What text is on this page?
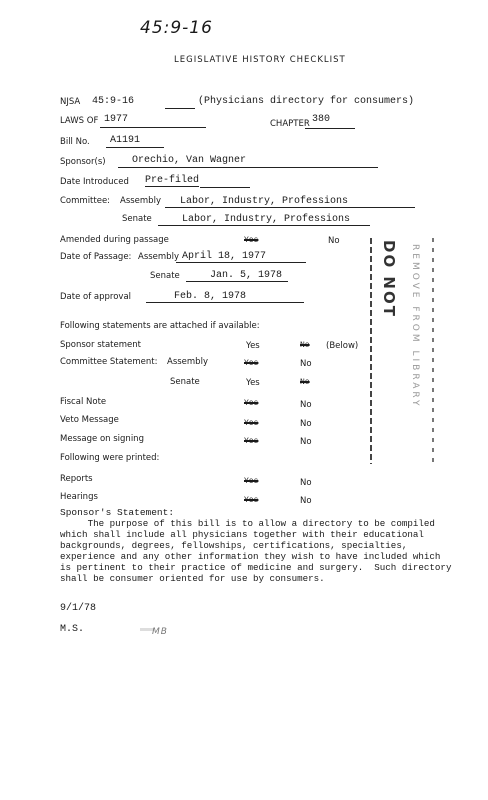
45:9-16
LEGISLATIVE HISTORY CHECKLIST
NJSA 45:9-16	(Physicians directory for consumers)
LAWS OF 1977	CHAPTER 380
Bill No. A1191
Sponsor(s)	Orechio, Van Wagner
Date Introduced Pre-filed
Committee: Assembly Labor, Industry, Professions
Senate	Labor, Industry, Professions
Amended during passage	Yes	No
Date of Passage: Assembly April 18, 1977
Senate	Jan. 5, 1978
Date of approval	Feb. 8, 1978
Following statements are attached if available:
Sponsor statement	Yes	No (Below)
Committee Statement: Assembly	Yes	No
Senate	Yes	No
Fiscal Note	Yes	No
Veto Message	Yes	No
Message on signing	Yes	No
Following were printed:
Reports	Yes	No
Hearings	Yes	No
Sponsor's Statement:
The purpose of this bill is to allow a directory to be compiled
which shall include all physicians together with their educational
backgrounds, degrees, fellowships, certifications, specialties,
experience and any other information they wish to have included which
is pertinent to their practice of medicine and surgery.  Such directory
shall be consumer oriented for use by consumers.
9/1/78
M.S.	MB
DO NOT REMOVE FROM LIBRARY
